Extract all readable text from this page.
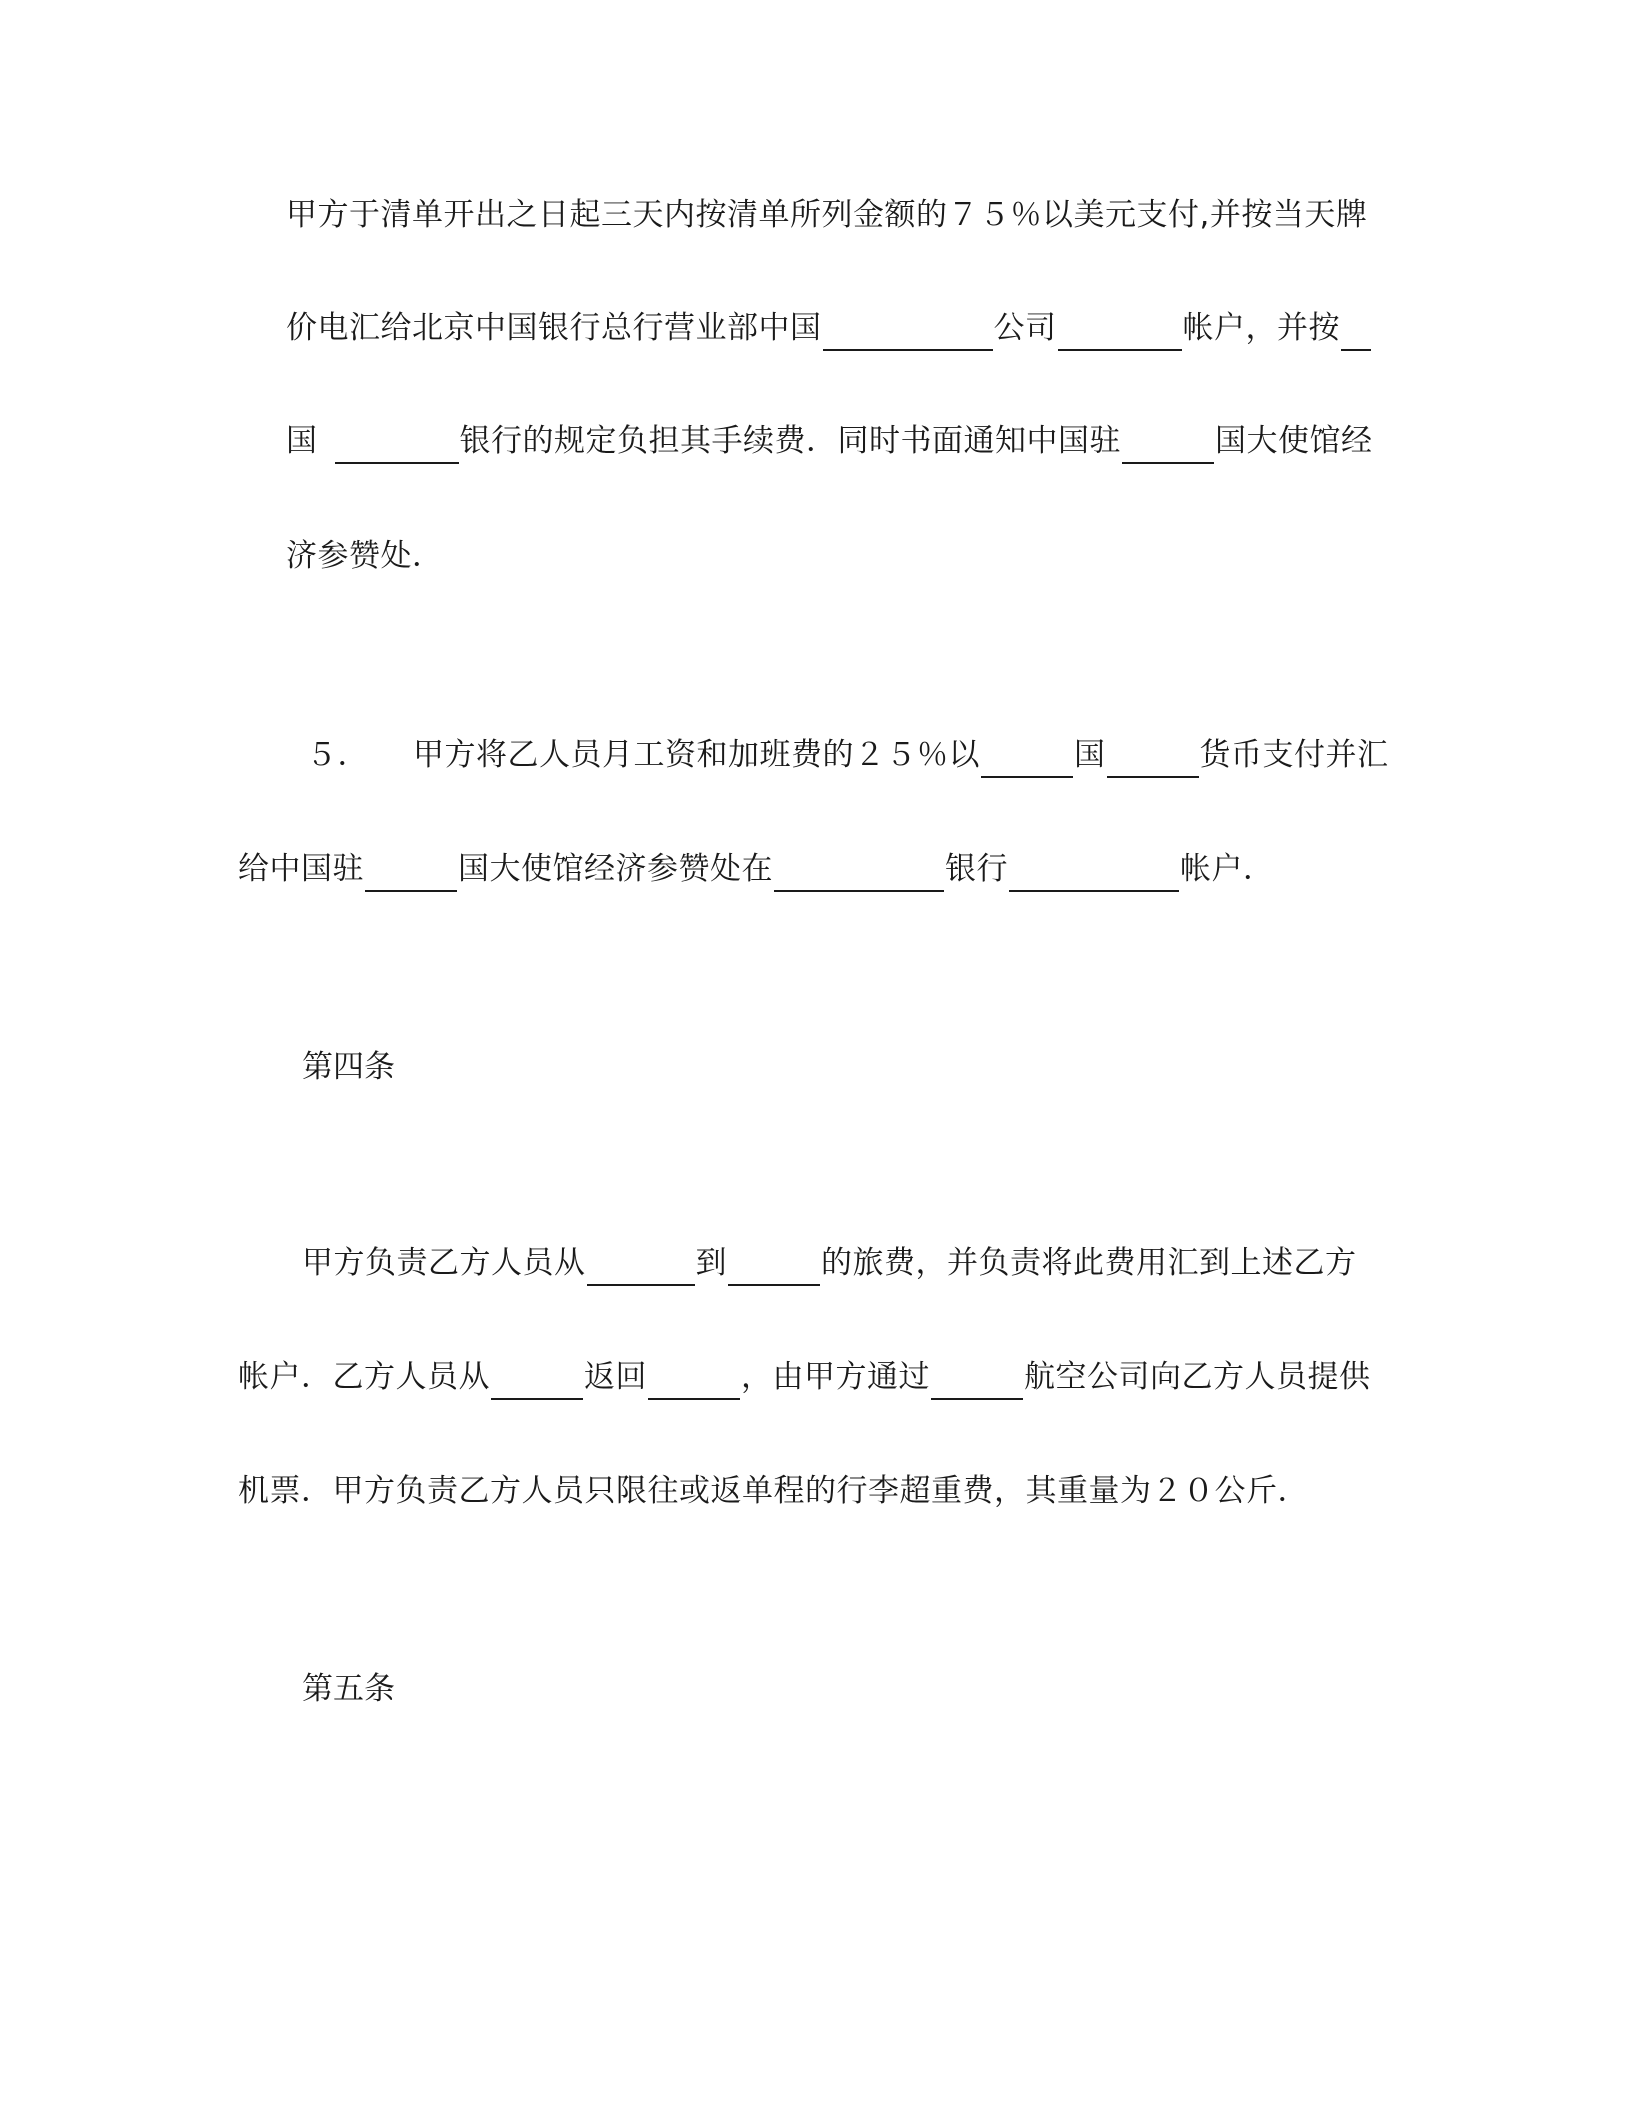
甲方于清单开出之日起三天内按清单所列金额的７５％以美元支付,并按当天牌
价电汇给北京中国银行总行营业部中国	公司	帐户，并按
国	银行的规定负担其手续费．同时书面通知中国驻	国大使馆经
济参赞处．
５． 甲方将乙人员月工资和加班费的２５％以	国	货币支付并汇
给中国驻	国大使馆经济参赞处在	银行	帐户．
第四条
甲方负责乙方人员从	到	的旅费，并负责将此费用汇到上述乙方
帐户．乙方人员从	返回	，由甲方通过	航空公司向乙方人员提供
机票．甲方负责乙方人员只限往或返单程的行李超重费，其重量为２０公斤．
第五条
